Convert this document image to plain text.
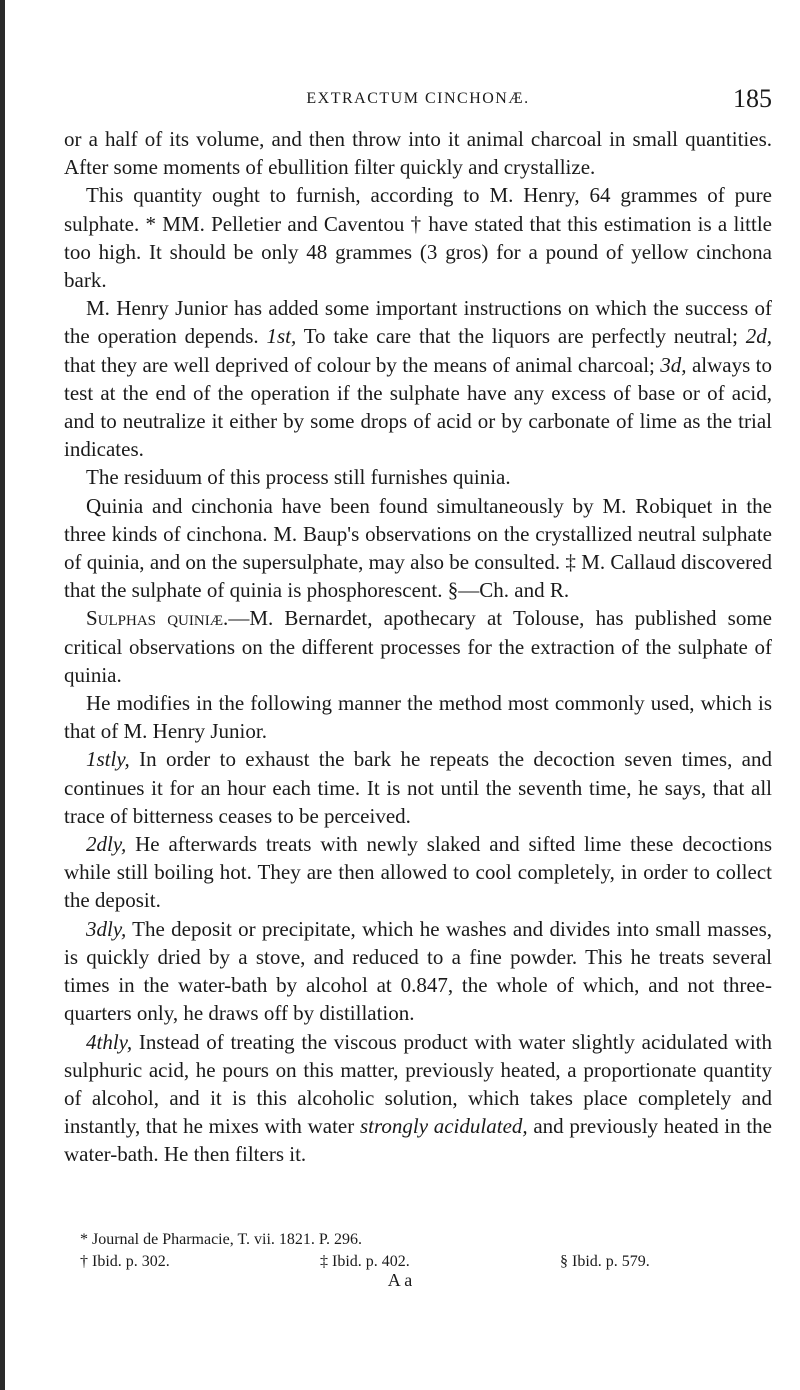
EXTRACTUM CINCHONÆ.	185

or a half of its volume, and then throw into it animal charcoal in small quantities. After some moments of ebullition filter quickly and crystallize.

This quantity ought to furnish, according to M. Henry, 64 grammes of pure sulphate. * MM. Pelletier and Caventou † have stated that this estimation is a little too high. It should be only 48 grammes (3 gros) for a pound of yellow cinchona bark.

M. Henry Junior has added some important instructions on which the success of the operation depends. 1st, To take care that the liquors are perfectly neutral; 2d, that they are well deprived of colour by the means of animal charcoal; 3d, always to test at the end of the operation if the sulphate have any excess of base or of acid, and to neutralize it either by some drops of acid or by carbonate of lime as the trial indicates.

The residuum of this process still furnishes quinia.

Quinia and cinchonia have been found simultaneously by M. Robiquet in the three kinds of cinchona. M. Baup's observations on the crystallized neutral sulphate of quinia, and on the supersulphate, may also be consulted. ‡ M. Callaud discovered that the sulphate of quinia is phosphorescent. §—Ch. and R.

Sulphas quiniæ.—M. Bernardet, apothecary at Tolouse, has published some critical observations on the different processes for the extraction of the sulphate of quinia.

He modifies in the following manner the method most commonly used, which is that of M. Henry Junior.

1stly, In order to exhaust the bark he repeats the decoction seven times, and continues it for an hour each time. It is not until the seventh time, he says, that all trace of bitterness ceases to be perceived.

2dly, He afterwards treats with newly slaked and sifted lime these decoctions while still boiling hot. They are then allowed to cool completely, in order to collect the deposit.

3dly, The deposit or precipitate, which he washes and divides into small masses, is quickly dried by a stove, and reduced to a fine powder. This he treats several times in the water-bath by alcohol at 0.847, the whole of which, and not three-quarters only, he draws off by distillation.

4thly, Instead of treating the viscous product with water slightly acidulated with sulphuric acid, he pours on this matter, previously heated, a proportionate quantity of alcohol, and it is this alcoholic solution, which takes place completely and instantly, that he mixes with water strongly acidulated, and previously heated in the water-bath. He then filters it.

* Journal de Pharmacie, T. vii. 1821. P. 296.
† Ibid. p. 302.	‡ Ibid. p. 402.	§ Ibid. p. 579.
A a
